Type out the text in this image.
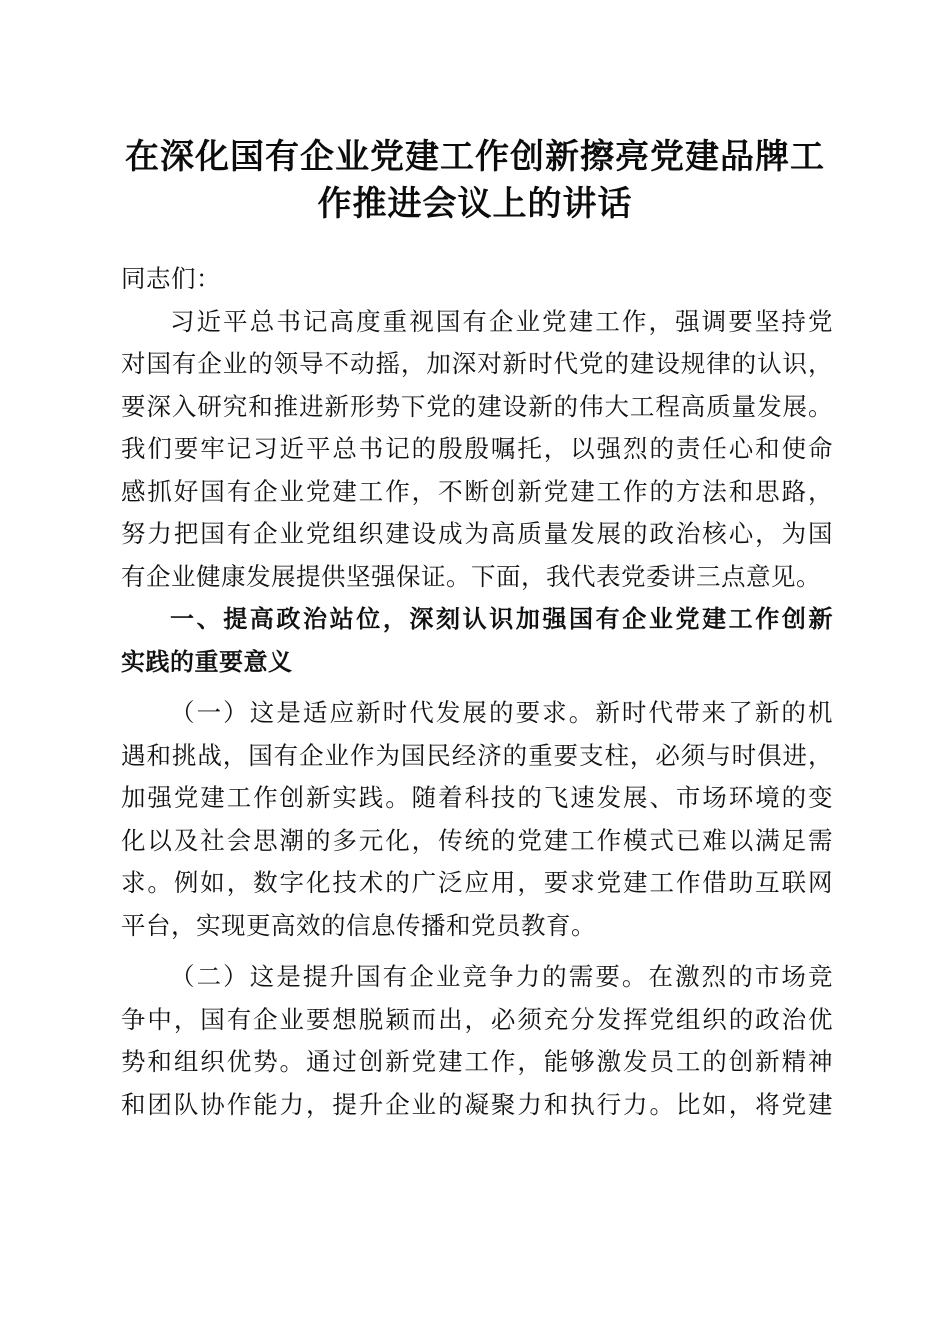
在深化国有企业党建工作创新擦亮党建品牌工
作推进会议上的讲话
同志们：
习近平总书记高度重视国有企业党建工作，强调要坚持党
对国有企业的领导不动摇，加深对新时代党的建设规律的认识，
要深入研究和推进新形势下党的建设新的伟大工程高质量发展。
我们要牢记习近平总书记的殷殷嘱托，以强烈的责任心和使命
感抓好国有企业党建工作，不断创新党建工作的方法和思路，
努力把国有企业党组织建设成为高质量发展的政治核心，为国
有企业健康发展提供坚强保证。下面，我代表党委讲三点意见。
一、提高政治站位，深刻认识加强国有企业党建工作创新
实践的重要意义
（一）这是适应新时代发展的要求。新时代带来了新的机
遇和挑战，国有企业作为国民经济的重要支柱，必须与时俱进，
加强党建工作创新实践。随着科技的飞速发展、市场环境的变
化以及社会思潮的多元化，传统的党建工作模式已难以满足需
求。例如，数字化技术的广泛应用，要求党建工作借助互联网
平台，实现更高效的信息传播和党员教育。
（二）这是提升国有企业竞争力的需要。在激烈的市场竞
争中，国有企业要想脱颖而出，必须充分发挥党组织的政治优
势和组织优势。通过创新党建工作，能够激发员工的创新精神
和团队协作能力，提升企业的凝聚力和执行力。比如，将党建
